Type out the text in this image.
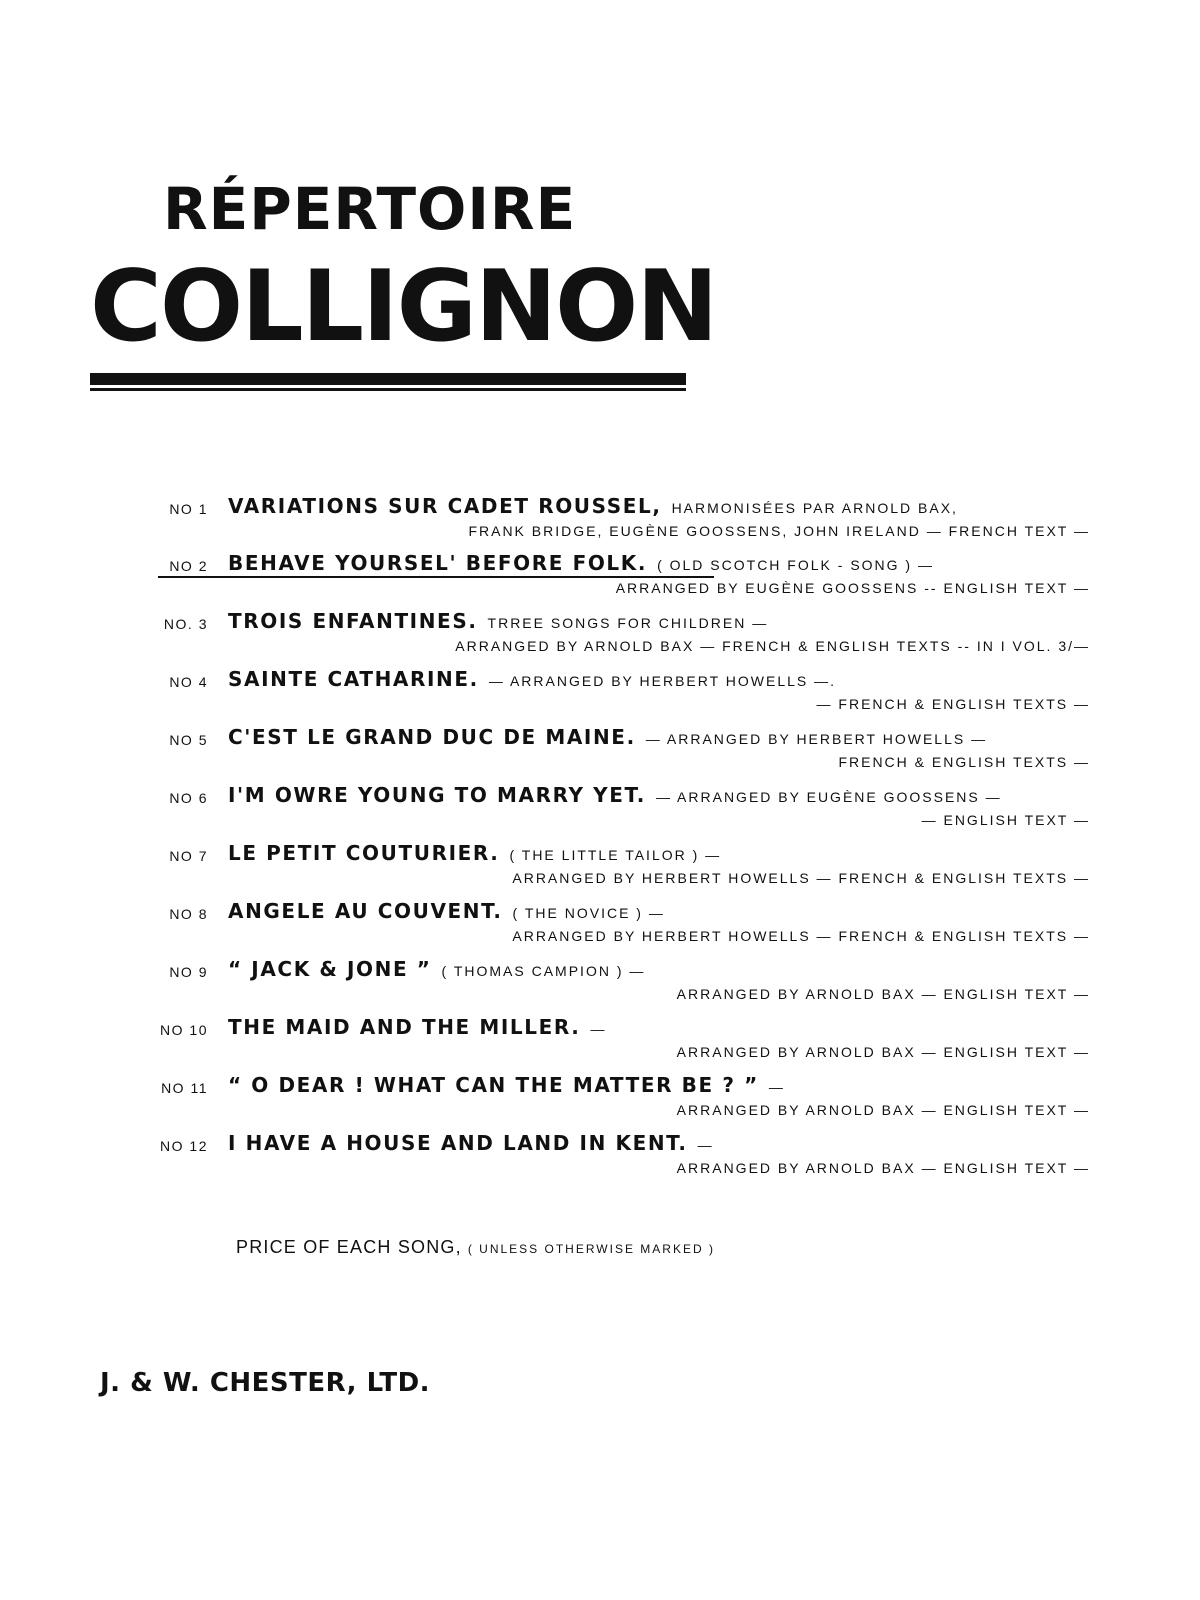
RÉPERTOIRE
COLLIGNON
NO 1 VARIATIONS SUR CADET ROUSSEL, HARMONISÉES PAR ARNOLD BAX,
FRANK BRIDGE, EUGÈNE GOOSSENS, JOHN IRELAND — FRENCH TEXT —
NO 2 BEHAVE YOURSEL' BEFORE FOLK. ( OLD SCOTCH FOLK - SONG ) —
ARRANGED BY EUGÈNE GOOSSENS -- ENGLISH TEXT —
NO. 3 TROIS ENFANTINES. TRREE SONGS FOR CHILDREN —
ARRANGED BY ARNOLD BAX — FRENCH & ENGLISH TEXTS -- IN I VOL. 3/—
NO 4 SAINTE CATHARINE. — ARRANGED BY HERBERT HOWELLS —.
— FRENCH & ENGLISH TEXTS —
NO 5 C'EST LE GRAND DUC DE MAINE. — ARRANGED BY HERBERT HOWELLS —
FRENCH & ENGLISH TEXTS —
NO 6 I'M OWRE YOUNG TO MARRY YET. — ARRANGED BY EUGÈNE GOOSSENS —
— ENGLISH TEXT —
NO 7 LE PETIT COUTURIER. ( THE LITTLE TAILOR ) —
ARRANGED BY HERBERT HOWELLS — FRENCH & ENGLISH TEXTS —
NO 8 ANGELE AU COUVENT. ( THE NOVICE ) —
ARRANGED BY HERBERT HOWELLS — FRENCH & ENGLISH TEXTS —
NO 9 “ JACK & JONE ” ( THOMAS CAMPION ) —
ARRANGED BY ARNOLD BAX — ENGLISH TEXT —
NO 10 THE MAID AND THE MILLER. —
ARRANGED BY ARNOLD BAX — ENGLISH TEXT —
NO 11 “ O DEAR ! WHAT CAN THE MATTER BE ? ” —
ARRANGED BY ARNOLD BAX — ENGLISH TEXT —
NO 12 I HAVE A HOUSE AND LAND IN KENT. —
ARRANGED BY ARNOLD BAX — ENGLISH TEXT —
PRICE OF EACH SONG, ( UNLESS OTHERWISE MARKED )
J. & W. CHESTER, LTD.
